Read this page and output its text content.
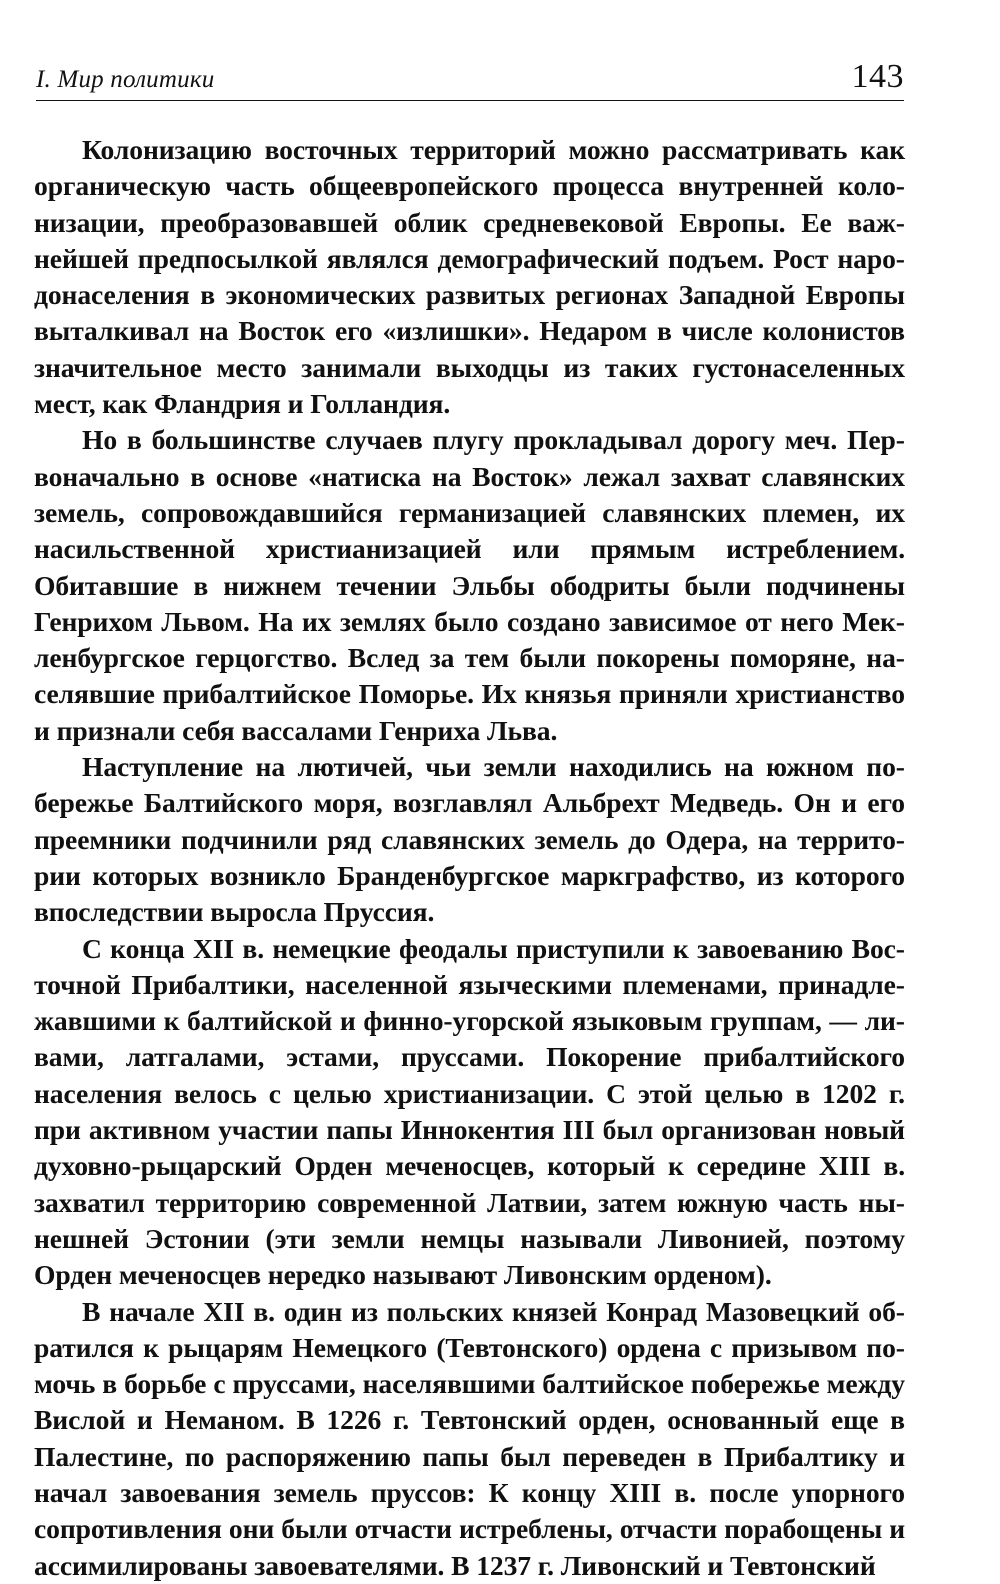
I. Мир политики	143

Колонизацию восточных территорий можно рассматривать как органическую часть общеевропейского процесса внутренней колонизации, преобразовавшей облик средневековой Европы. Ее важнейшей предпосылкой являлся демографический подъем. Рост народонаселения в экономических развитых регионах Западной Европы выталкивал на Восток его «излишки». Недаром в числе колонистов значительное место занимали выходцы из таких густонаселенных мест, как Фландрия и Голландия.

Но в большинстве случаев плугу прокладывал дорогу меч. Первоначально в основе «натиска на Восток» лежал захват славянских земель, сопровождавшийся германизацией славянских племен, их насильственной христианизацией или прямым истреблением. Обитавшие в нижнем течении Эльбы ободриты были подчинены Генрихом Львом. На их землях было создано зависимое от него Мекленбургское герцогство. Вслед за тем были покорены поморяне, населявшие прибалтийское Поморье. Их князья приняли христианство и признали себя вассалами Генриха Льва.

Наступление на лютичей, чьи земли находились на южном побережье Балтийского моря, возглавлял Альбрехт Медведь. Он и его преемники подчинили ряд славянских земель до Одера, на территории которых возникло Бранденбургское маркграфство, из которого впоследствии выросла Пруссия.

С конца XII в. немецкие феодалы приступили к завоеванию Восточной Прибалтики, населенной языческими племенами, принадлежавшими к балтийской и финно-угорской языковым группам, — ливами, латгалами, эстами, пруссами. Покорение прибалтийского населения велось с целью христианизации. С этой целью в 1202 г. при активном участии папы Иннокентия III был организован новый духовно-рыцарский Орден меченосцев, который к середине XIII в. захватил территорию современной Латвии, затем южную часть нынешней Эстонии (эти земли немцы называли Ливонией, поэтому Орден меченосцев нередко называют Ливонским орденом).

В начале XII в. один из польских князей Конрад Мазовецкий обратился к рыцарям Немецкого (Тевтонского) ордена с призывом помочь в борьбе с пруссами, населявшими балтийское побережье между Вислой и Неманом. В 1226 г. Тевтонский орден, основанный еще в Палестине, по распоряжению папы был переведен в Прибалтику и начал завоевания земель пруссов: К концу XIII в. после упорного сопротивления они были отчасти истреблены, отчасти порабощены и ассимилированы завоевателями. В 1237 г. Ливонский и Тевтонский
